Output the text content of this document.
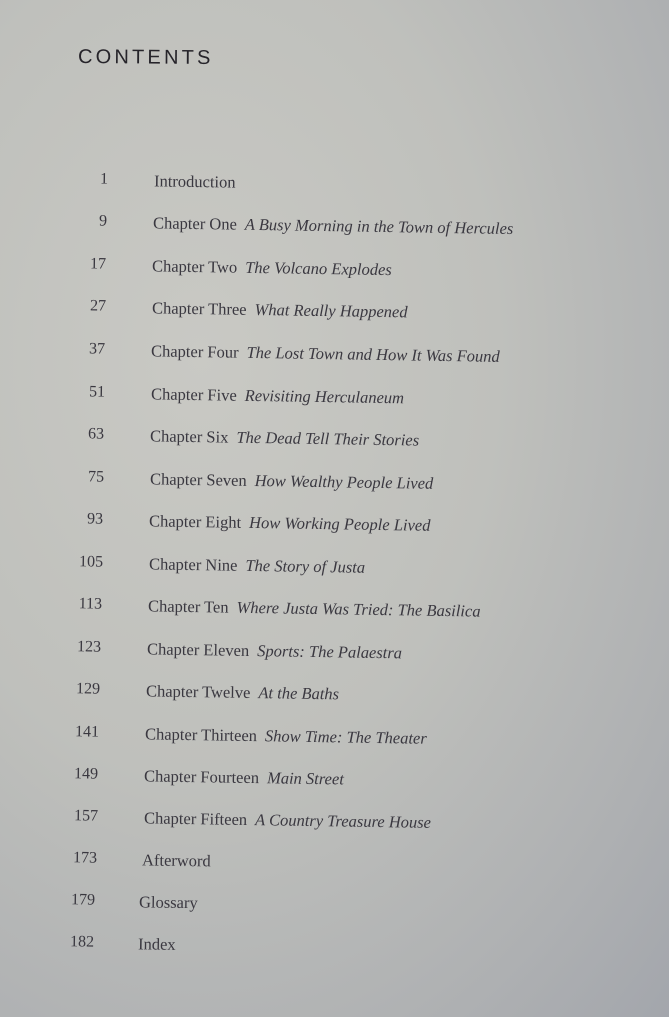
CONTENTS
1	Introduction
9	Chapter One A Busy Morning in the Town of Hercules
17	Chapter Two The Volcano Explodes
27	Chapter Three What Really Happened
37	Chapter Four The Lost Town and How It Was Found
51	Chapter Five Revisiting Herculaneum
63	Chapter Six The Dead Tell Their Stories
75	Chapter Seven How Wealthy People Lived
93	Chapter Eight How Working People Lived
105	Chapter Nine The Story of Justa
113	Chapter Ten Where Justa Was Tried: The Basilica
123	Chapter Eleven Sports: The Palaestra
129	Chapter Twelve At the Baths
141	Chapter Thirteen Show Time: The Theater
149	Chapter Fourteen Main Street
157	Chapter Fifteen A Country Treasure House
173	Afterword
179	Glossary
182	Index
